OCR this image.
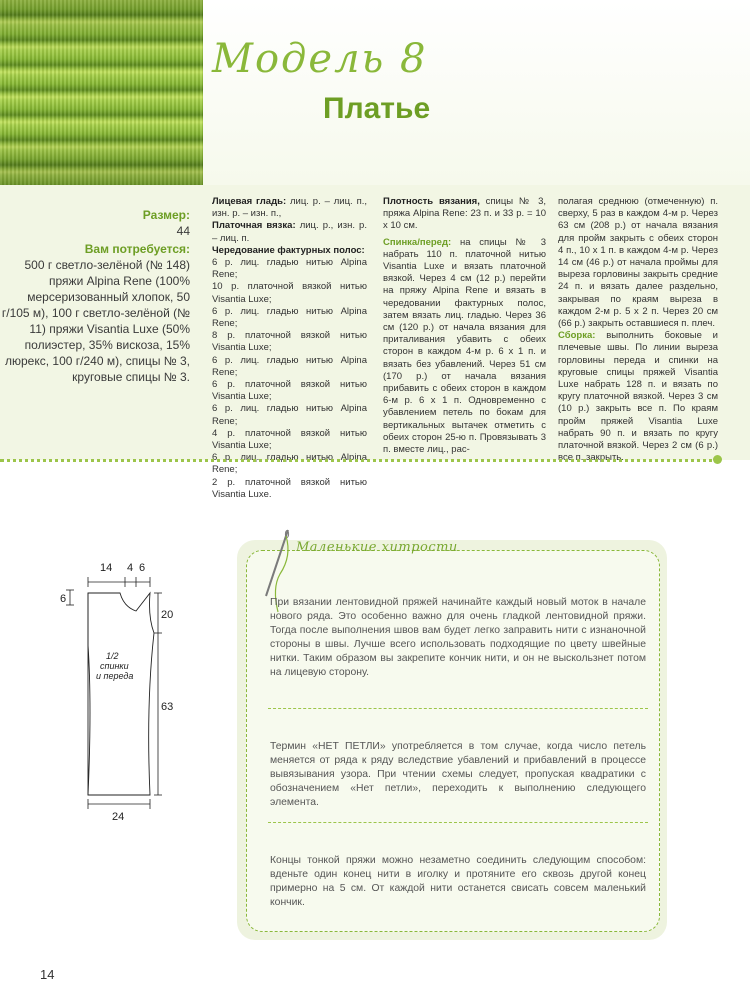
Модель 8
Платье
Размер:
44
Вам потребуется:
500 г светло-зелёной (№ 148) пряжи Alpina Rene (100% мерсеризованный хлопок, 50 г/105 м), 100 г светло-зелёной (№ 11) пряжи Visantia Luxe (50% полиэстер, 35% вискоза, 15% люрекс, 100 г/240 м), спицы № 3, круговые спицы № 3.
Лицевая гладь: лиц. р. – лиц. п., изн. р. – изн. п.,
Платочная вязка: лиц. р., изн. р. – лиц. п.
Чередование фактурных полос:
6 р. лиц. гладью нитью Alpina Rene;
10 р. платочной вязкой нитью Visantia Luxe;
6 р. лиц. гладью нитью Alpina Rene;
8 р. платочной вязкой нитью Visantia Luxe;
6 р. лиц. гладью нитью Alpina Rene;
6 р. платочной вязкой нитью Visantia Luxe;
6 р. лиц. гладью нитью Alpina Rene;
4 р. платочной вязкой нитью Visantia Luxe;
6 р. лиц. гладью нитью Alpina Rene;
2 р. платочной вязкой нитью Visantia Luxe.
Плотность вязания, спицы № 3, пряжа Alpina Rene: 23 п. и 33 р. = 10 х 10 см.
Спинка/перед: на спицы № 3 набрать 110 п. платочной нитью Visantia Luxe и вязать платочной вязкой. Через 4 см (12 р.) перейти на пряжу Alpina Rene и вязать в чередовании фактурных полос, затем вязать лиц. гладью. Через 36 см (120 р.) от начала вязания для приталивания убавить с обеих сторон в каждом 4-м р. 6 х 1 п. и вязать без убавлений. Через 51 см (170 р.) от начала вязания прибавить с обеих сторон в каждом 6-м р. 6 х 1 п. Одновременно с убавлением петель по бокам для вертикальных вытачек отметить с обеих сторон 25-ю п. Провязывать 3 п. вместе лиц., рас-
полагая среднюю (отмеченную) п. сверху, 5 раз в каждом 4-м р. Через 63 см (208 р.) от начала вязания для пройм закрыть с обеих сторон 4 п., 10 х 1 п. в каждом 4-м р. Через 14 см (46 р.) от начала проймы для выреза горловины закрыть средние 24 п. и вязать далее раздельно, закрывая по краям выреза в каждом 2-м р. 5 х 2 п. Через 20 см (66 р.) закрыть оставшиеся п. плеч.
Сборка: выполнить боковые и плечевые швы. По линии выреза горловины переда и спинки на круговые спицы пряжей Visantia Luxe набрать 128 п. и вязать по кругу платочной вязкой. Через 3 см (10 р.) закрыть все п. По краям пройм пряжей Visantia Luxe набрать 90 п. и вязать по кругу платочной вязкой. Через 2 см (6 р.) все п. закрыть.
14 4 6
6
20
63
24
1/2
спинки
и переда
Маленькие хитрости
При вязании лентовидной пряжей начинайте каждый новый моток в начале нового ряда. Это особенно важно для очень гладкой лентовидной пряжи. Тогда после выполнения швов вам будет легко заправить нити с изнаночной стороны в швы. Лучше всего использовать подходящие по цвету швейные нитки. Таким образом вы закрепите кончик нити, и он не выскользнет потом на лицевую сторону.
Термин «НЕТ ПЕТЛИ» употребляется в том случае, когда число петель меняется от ряда к ряду вследствие убавлений и прибавлений в процессе вывязывания узора. При чтении схемы следует, пропуская квадратики с обозначением «Нет петли», переходить к выполнению следующего элемента.
Концы тонкой пряжи можно незаметно соединить следующим способом: вденьте один конец нити в иголку и протяните его сквозь другой конец примерно на 5 см. От каждой нити останется свисать совсем маленький кончик.
14
